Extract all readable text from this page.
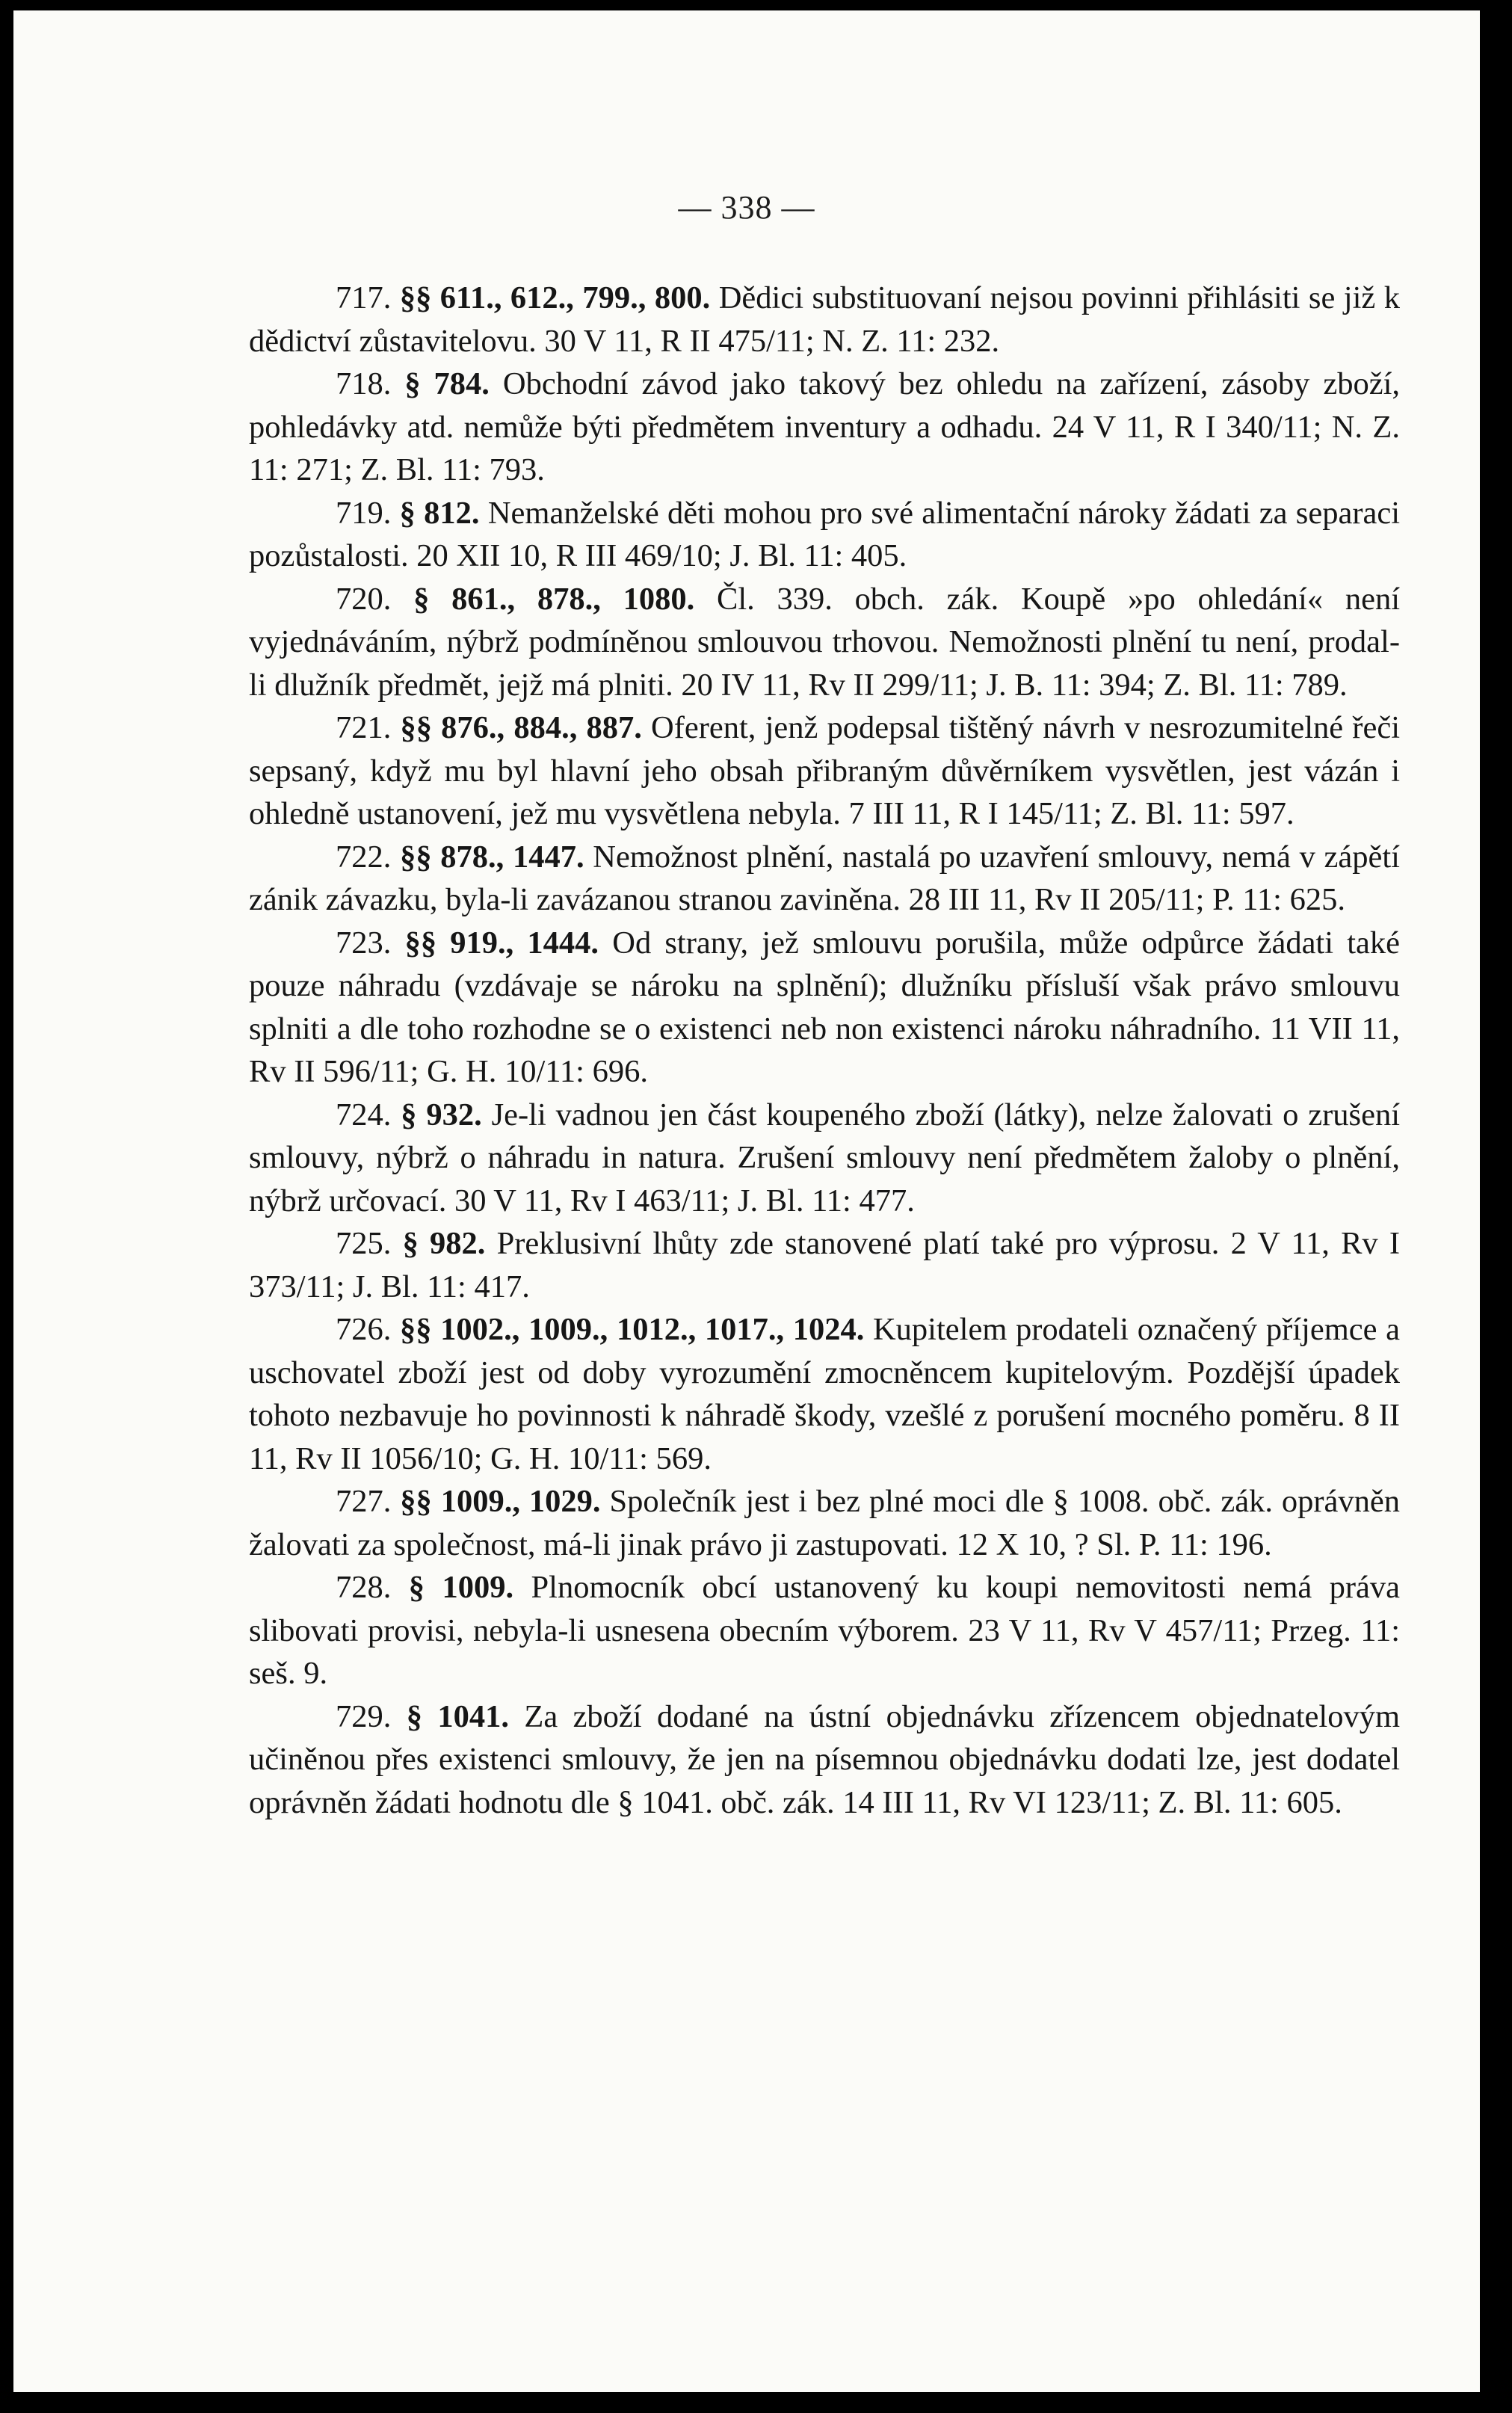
— 338 —

717. §§ 611., 612., 799., 800. Dědici substituovaní nejsou povinni přihlásiti se již k dědictví zůstavitelovu. 30 V 11, R II 475/11; N. Z. 11: 232.

718. § 784. Obchodní závod jako takový bez ohledu na zařízení, zásoby zboží, pohledávky atd. nemůže býti předmětem inventury a odhadu. 24 V 11, R I 340/11; N. Z. 11: 271; Z. Bl. 11: 793.

719. § 812. Nemanželské děti mohou pro své alimentační nároky žádati za separaci pozůstalosti. 20 XII 10, R III 469/10; J. Bl. 11: 405.

720. § 861., 878., 1080. Čl. 339. obch. zák. Koupě »po ohledání« není vyjednáváním, nýbrž podmíněnou smlouvou trhovou. Nemožnosti plnění tu není, prodal-li dlužník předmět, jejž má plniti. 20 IV 11, Rv II 299/11; J. B. 11: 394; Z. Bl. 11: 789.

721. §§ 876., 884., 887. Oferent, jenž podepsal tištěný návrh v nesrozumitelné řeči sepsaný, když mu byl hlavní jeho obsah přibraným důvěrníkem vysvětlen, jest vázán i ohledně ustanovení, jež mu vysvětlena nebyla. 7 III 11, R I 145/11; Z. Bl. 11: 597.

722. §§ 878., 1447. Nemožnost plnění, nastalá po uzavření smlouvy, nemá v zápětí zánik závazku, byla-li zavázanou stranou zaviněna. 28 III 11, Rv II 205/11; P. 11: 625.

723. §§ 919., 1444. Od strany, jež smlouvu porušila, může odpůrce žádati také pouze náhradu (vzdávaje se nároku na splnění); dlužníku přísluší však právo smlouvu splniti a dle toho rozhodne se o existenci neb non existenci nároku náhradního. 11 VII 11, Rv II 596/11; G. H. 10/11: 696.

724. § 932. Je-li vadnou jen část koupeného zboží (látky), nelze žalovati o zrušení smlouvy, nýbrž o náhradu in natura. Zrušení smlouvy není předmětem žaloby o plnění, nýbrž určovací. 30 V 11, Rv I 463/11; J. Bl. 11: 477.

725. § 982. Preklusivní lhůty zde stanovené platí také pro výprosu. 2 V 11, Rv I 373/11; J. Bl. 11: 417.

726. §§ 1002., 1009., 1012., 1017., 1024. Kupitelem prodateli označený příjemce a uschovatel zboží jest od doby vyrozumění zmocněncem kupitelovým. Pozdější úpadek tohoto nezbavuje ho povinnosti k náhradě škody, vzešlé z porušení mocného poměru. 8 II 11, Rv II 1056/10; G. H. 10/11: 569.

727. §§ 1009., 1029. Společník jest i bez plné moci dle § 1008. obč. zák. oprávněn žalovati za společnost, má-li jinak právo ji zastupovati. 12 X 10, ? Sl. P. 11: 196.

728. § 1009. Plnomocník obcí ustanovený ku koupi nemovitosti nemá práva slibovati provisi, nebyla-li usnesena obecním výborem. 23 V 11, Rv V 457/11; Przeg. 11: seš. 9.

729. § 1041. Za zboží dodané na ústní objednávku zřízencem objednatelovým učiněnou přes existenci smlouvy, že jen na písemnou objednávku dodati lze, jest dodatel oprávněn žádati hodnotu dle § 1041. obč. zák. 14 III 11, Rv VI 123/11; Z. Bl. 11: 605.
